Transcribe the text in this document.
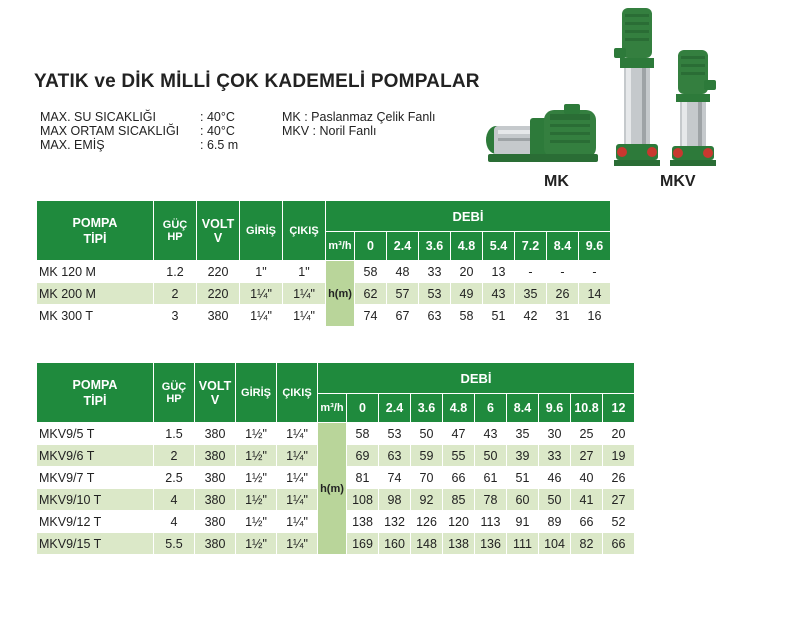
YATIK ve DİK MİLLİ ÇOK KADEMELİ POMPALAR
MAX. SU SICAKLIĞI	: 40°C
MAX ORTAM SICAKLIĞI	: 40°C
MAX. EMİŞ	: 6.5 m
MK : Paslanmaz Çelik Fanlı
MKV : Noril Fanlı
MK	MKV
POMPA
TİPİ	GÜÇ
HP	VOLT
V	GİRİŞ	ÇIKIŞ	DEBİ								
					m³/h	0	2.4	3.6	4.8	5.4	7.2	8.4	9.6
MK 120 M	1.2	220	1"	1"	h(m)	58	48	33	20	13	-	-	-
MK 200 M	2	220	1¼"	1¼"		62	57	53	49	43	35	26	14
MK 300 T	3	380	1¼"	1¼"		74	67	63	58	51	42	31	16
POMPA
TİPİ	GÜÇ
HP	VOLT
V	GİRİŞ	ÇIKIŞ	DEBİ									
					m³/h	0	2.4	3.6	4.8	6	8.4	9.6	10.8	12
MKV9/5 T	1.5	380	1½"	1¼"	h(m)	58	53	50	47	43	35	30	25	20
MKV9/6 T	2	380	1½"	1¼"		69	63	59	55	50	39	33	27	19
MKV9/7 T	2.5	380	1½"	1¼"		81	74	70	66	61	51	46	40	26
MKV9/10 T	4	380	1½"	1¼"		108	98	92	85	78	60	50	41	27
MKV9/12 T	4	380	1½"	1¼"		138	132	126	120	113	91	89	66	52
MKV9/15 T	5.5	380	1½"	1¼"		169	160	148	138	136	111	104	82	66
